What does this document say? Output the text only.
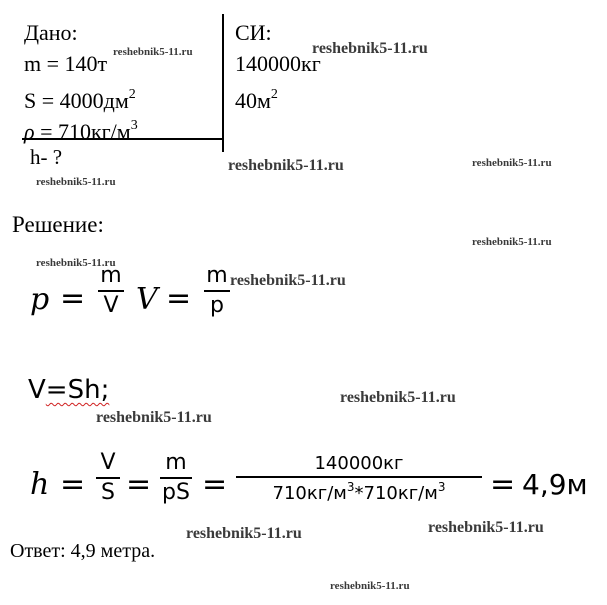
Дано:
m = 140т
$S = 4000дм^2$
$\rho = 710кг/м^3$
h- ?
СИ:
140000кг
$40м^2$
Решение:
p =
m
V V =
m
p
V=Sh;
h =
V
S =
m
pS =
140000кг
$710кг/м^3*710кг/м^3 = 4,9м$
Ответ: 4,9 метра.
reshebnik5-11.ru	reshebnik5-11.ru
reshebnik5-11.ru	reshebnik5-11.ru
reshebnik5-11.ru
reshebnik5-11.ru
reshebnik5-11.ru
reshebnik5-11.ru
reshebnik5-11.ru
reshebnik5-11.ru
reshebnik5-11.ru
reshebnik5-11.ru
reshebnik5-11.ru
